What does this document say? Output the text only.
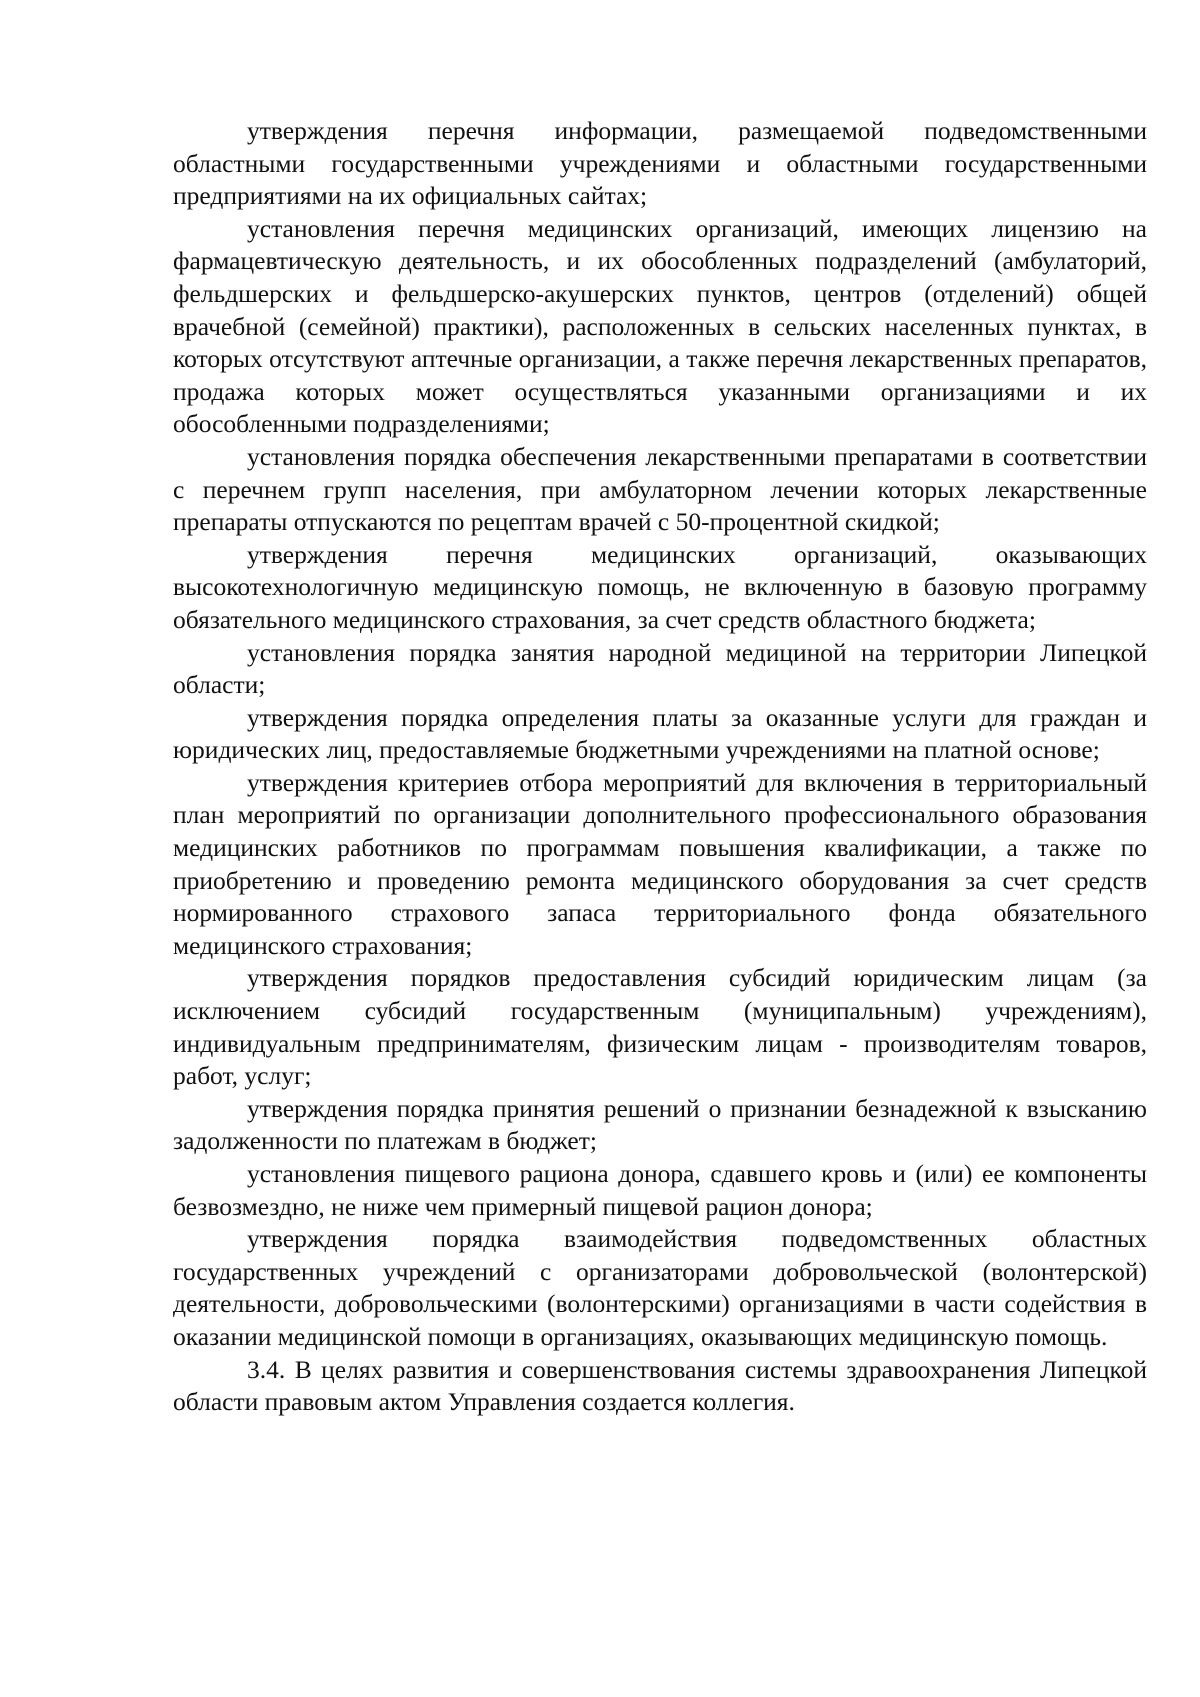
утверждения перечня информации, размещаемой подведомственными областными государственными учреждениями и областными государственными предприятиями на их официальных сайтах;

установления перечня медицинских организаций, имеющих лицензию на фармацевтическую деятельность, и их обособленных подразделений (амбулаторий, фельдшерских и фельдшерско-акушерских пунктов, центров (отделений) общей врачебной (семейной) практики), расположенных в сельских населенных пунктах, в которых отсутствуют аптечные организации, а также перечня лекарственных препаратов, продажа которых может осуществляться указанными организациями и их обособленными подразделениями;

установления порядка обеспечения лекарственными препаратами в соответствии с перечнем групп населения, при амбулаторном лечении которых лекарственные препараты отпускаются по рецептам врачей с 50-процентной скидкой;

утверждения перечня медицинских организаций, оказывающих высокотехнологичную медицинскую помощь, не включенную в базовую программу обязательного медицинского страхования, за счет средств областного бюджета;

установления порядка занятия народной медициной на территории Липецкой области;

утверждения порядка определения платы за оказанные услуги для граждан и юридических лиц, предоставляемые бюджетными учреждениями на платной основе;

утверждения критериев отбора мероприятий для включения в территориальный план мероприятий по организации дополнительного профессионального образования медицинских работников по программам повышения квалификации, а также по приобретению и проведению ремонта медицинского оборудования за счет средств нормированного страхового запаса территориального фонда обязательного медицинского страхования;

утверждения порядков предоставления субсидий юридическим лицам (за исключением субсидий государственным (муниципальным) учреждениям), индивидуальным предпринимателям, физическим лицам - производителям товаров, работ, услуг;

утверждения порядка принятия решений о признании безнадежной к взысканию задолженности по платежам в бюджет;

установления пищевого рациона донора, сдавшего кровь и (или) ее компоненты безвозмездно, не ниже чем примерный пищевой рацион донора;

утверждения порядка взаимодействия подведомственных областных государственных учреждений с организаторами добровольческой (волонтерской) деятельности, добровольческими (волонтерскими) организациями в части содействия в оказании медицинской помощи в организациях, оказывающих медицинскую помощь.

3.4. В целях развития и совершенствования системы здравоохранения Липецкой области правовым актом Управления создается коллегия.
